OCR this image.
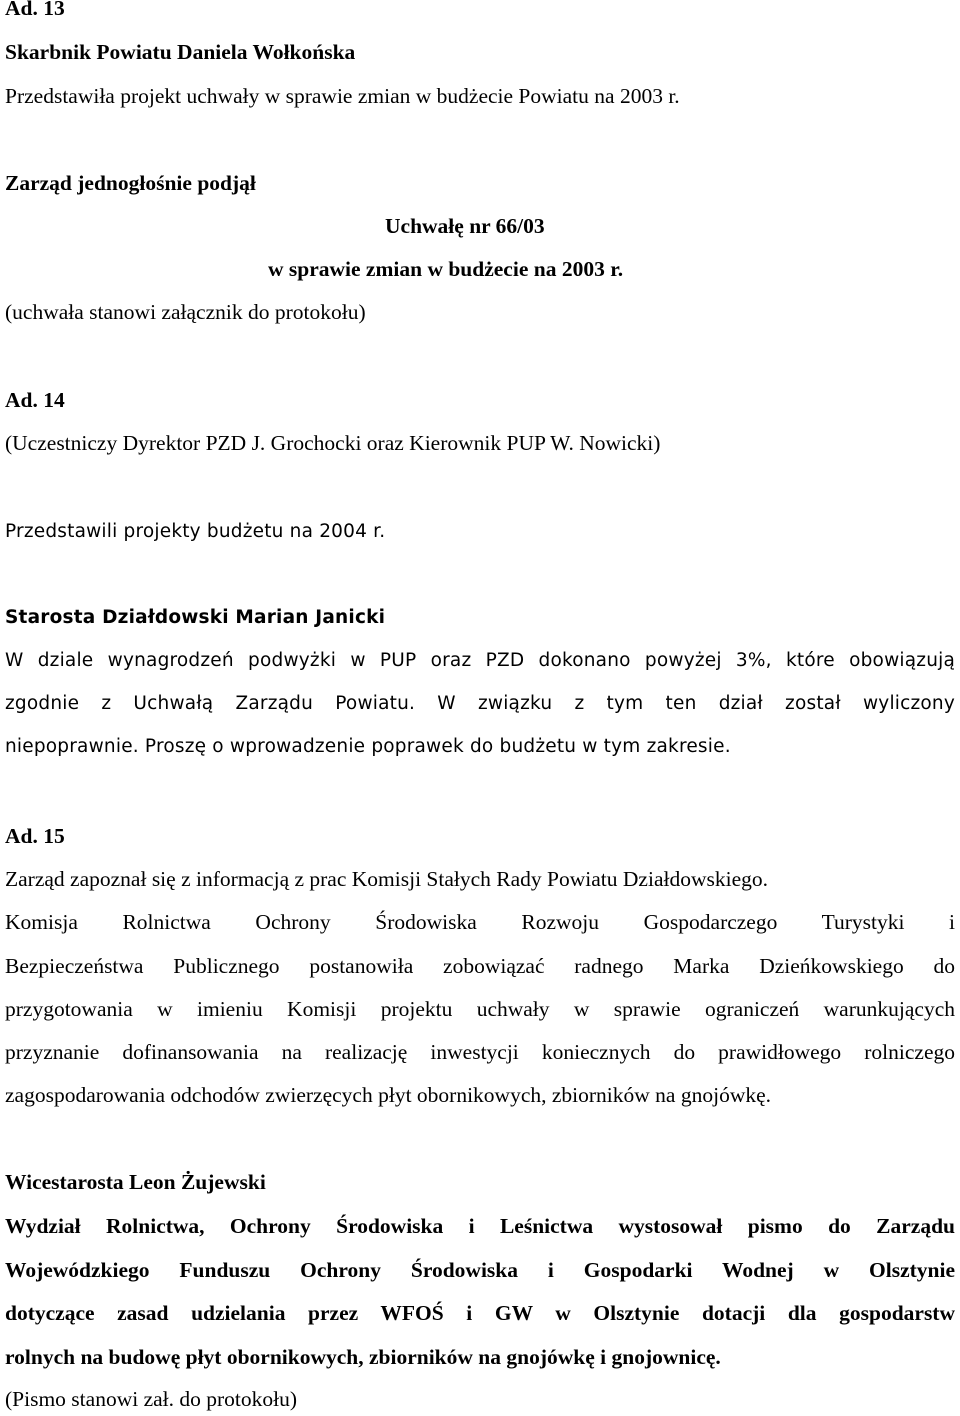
Ad. 13

Skarbnik Powiatu Daniela Wołkońska

Przedstawiła projekt uchwały w sprawie zmian w budżecie Powiatu na 2003 r.

Zarząd jednogłośnie podjął

Uchwałę nr 66/03

w sprawie zmian w budżecie na 2003 r.

(uchwała stanowi załącznik do protokołu)

Ad. 14

(Uczestniczy Dyrektor PZD J. Grochocki oraz Kierownik PUP W. Nowicki)

Przedstawili projekty budżetu na 2004 r.

Starosta Działdowski Marian Janicki

W dziale wynagrodzeń podwyżki w PUP oraz PZD dokonano powyżej 3%, które obowiązują

zgodnie z Uchwałą Zarządu Powiatu. W związku z tym ten dział został wyliczony

niepoprawnie. Proszę o wprowadzenie poprawek do budżetu w tym zakresie.

Ad. 15

Zarząd zapoznał się z informacją z prac Komisji Stałych Rady Powiatu Działdowskiego.

Komisja Rolnictwa Ochrony Środowiska Rozwoju Gospodarczego Turystyki i

Bezpieczeństwa Publicznego postanowiła zobowiązać radnego Marka Dzieńkowskiego do

przygotowania w imieniu Komisji projektu uchwały w sprawie ograniczeń warunkujących

przyznanie dofinansowania na realizację inwestycji koniecznych do prawidłowego rolniczego

zagospodarowania odchodów zwierzęcych płyt obornikowych, zbiorników na gnojówkę.

Wicestarosta Leon Żujewski

Wydział Rolnictwa, Ochrony Środowiska i Leśnictwa wystosował pismo do Zarządu

Wojewódzkiego Funduszu Ochrony Środowiska i Gospodarki Wodnej w Olsztynie

dotyczące zasad udzielania przez WFOŚ i GW w Olsztynie dotacji dla gospodarstw

rolnych na budowę płyt obornikowych, zbiorników na gnojówkę i gnojownicę.

(Pismo stanowi zał. do protokołu)
